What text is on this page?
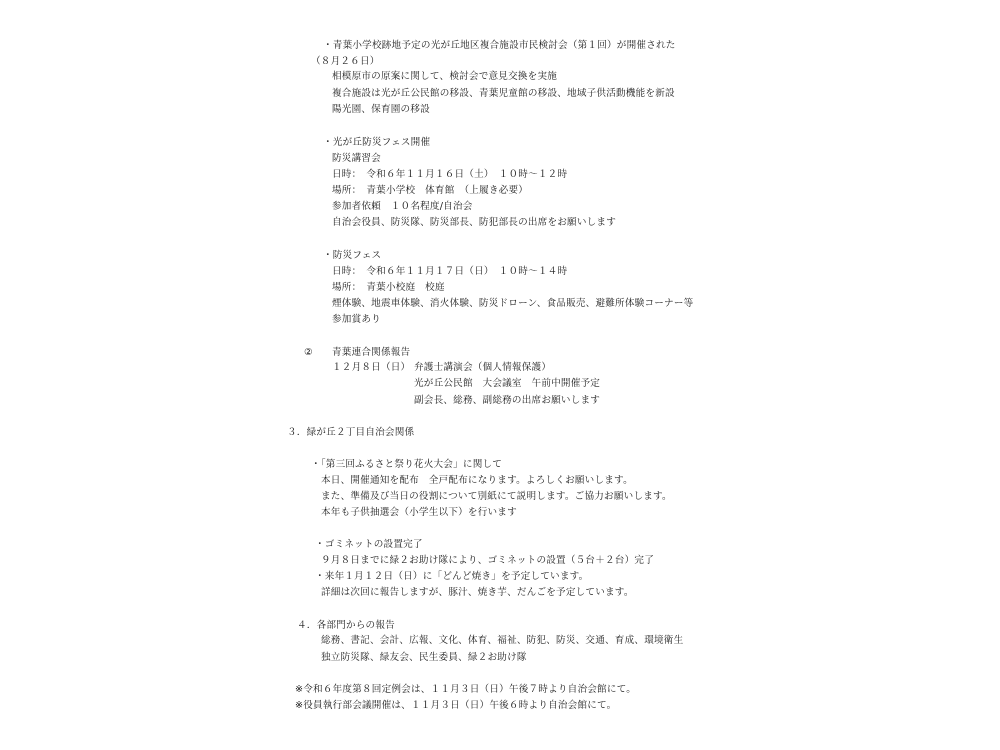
・青葉小学校跡地予定の光が丘地区複合施設市民検討会（第１回）が開催された
（８月２６日）
相模原市の原案に関して、検討会で意見交換を実施
複合施設は光が丘公民館の移設、青葉児童館の移設、地域子供活動機能を新設
陽光園、保育園の移設
・光が丘防災フェス開催
防災講習会
日時：　令和６年１１月１６日（土）　１０時～１２時
場所：　青葉小学校　体育館　（上履き必要）
参加者依頼　１０名程度/自治会
自治会役員、防災隊、防災部長、防犯部長の出席をお願いします
・防災フェス
日時：　令和６年１１月１７日（日）　１０時～１４時
場所：　青葉小校庭　校庭
煙体験、地震車体験、消火体験、防災ドローン、食品販売、避難所体験コーナー等
参加賞あり
② 青葉連合関係報告
１２月８日（日） 弁護士講演会（個人情報保護）
光が丘公民館　大会議室　午前中開催予定
副会長、総務、副総務の出席お願いします
３．緑が丘２丁目自治会関係
・「第三回ふるさと祭り花火大会」に関して
本日、開催通知を配布　全戸配布になります。よろしくお願いします。
また、準備及び当日の役割について別紙にて説明します。ご協力お願いします。
本年も子供抽選会（小学生以下）を行います
・ゴミネットの設置完了
９月８日までに緑２お助け隊により、ゴミネットの設置（５台＋２台）完了
・来年１月１２日（日）に「どんど焼き」を予定しています。
詳細は次回に報告しますが、豚汁、焼き芋、だんごを予定しています。
４．各部門からの報告
総務、書記、会計、広報、文化、体育、福祉、防犯、防災、交通、育成、環境衛生
独立防災隊、緑友会、民生委員、緑２お助け隊
※令和６年度第８回定例会は、１１月３日（日）午後７時より自治会館にて。
※役員執行部会議開催は、１１月３日（日）午後６時より自治会館にて。
